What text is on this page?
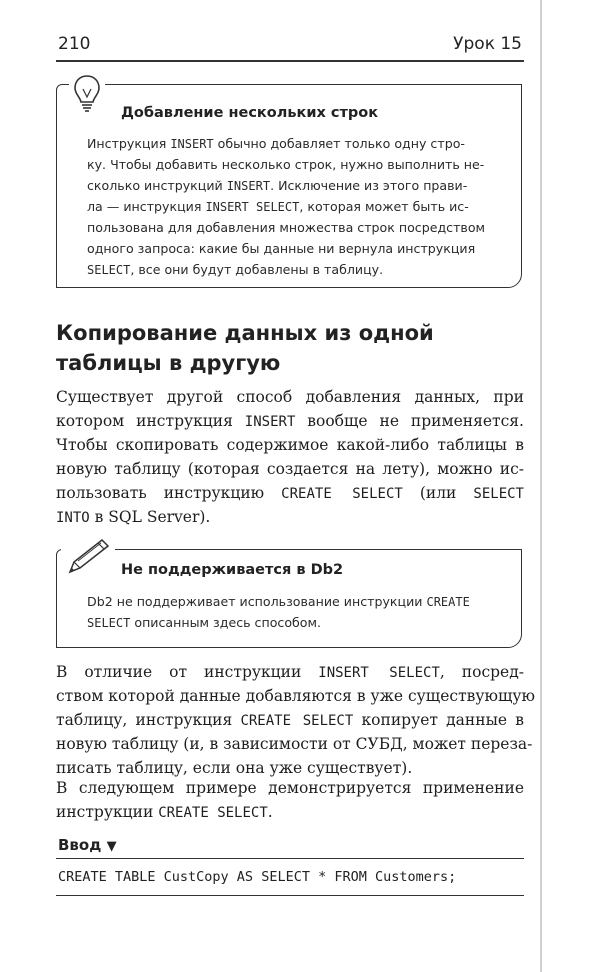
210	Урок 15
Добавление нескольких строк
Инструкция INSERT обычно добавляет только одну стро-
ку. Чтобы добавить несколько строк, нужно выполнить не-
сколько инструкций INSERT. Исключение из этого прави-
ла — инструкция INSERT SELECT, которая может быть ис-
пользована для добавления множества строк посредством
одного запроса: какие бы данные ни вернула инструкция
SELECT, все они будут добавлены в таблицу.
Копирование данных из одной
таблицы в другую
Существует другой способ добавления данных, при
котором инструкция INSERT вообще не применяется.
Чтобы скопировать содержимое какой-либо таблицы в
новую таблицу (которая создается на лету), можно ис-
пользовать инструкцию CREATE SELECT (или SELECT
INTO в SQL Server).
Не поддерживается в Db2
Db2 не поддерживает использование инструкции CREATE
SELECT описанным здесь способом.
В отличие от инструкции INSERT SELECT, посред-
ством которой данные добавляются в уже существующую
таблицу, инструкция CREATE SELECT копирует данные в
новую таблицу (и, в зависимости от СУБД, может переза-
писать таблицу, если она уже существует).
В следующем примере демонстрируется применение
инструкции CREATE SELECT.
Ввод ▼
CREATE TABLE CustCopy AS SELECT * FROM Customers;
